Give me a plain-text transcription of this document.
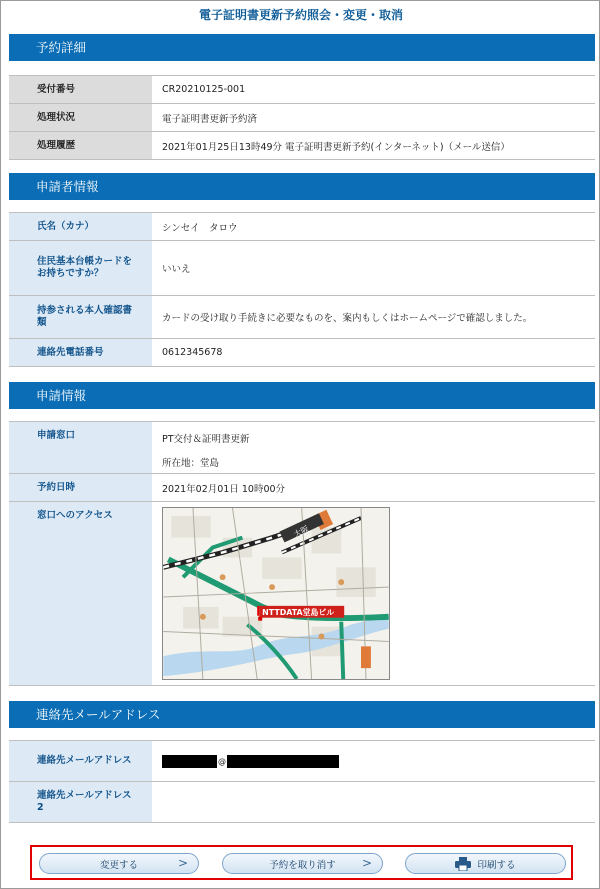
電子証明書更新予約照会・変更・取消
予約詳細
受付番号	CR20210125-001
処理状況	電子証明書更新予約済
処理履歴	2021年01月25日13時49分 電子証明書更新予約(インターネット)（メール送信）
申請者情報
氏名（カナ）	シンセイ　タロウ
住民基本台帳カードをお持ちですか？	いいえ
持参される本人確認書類	カードの受け取り手続きに必要なものを、案内もしくはホームページで確認しました。
連絡先電話番号	0612345678
申請情報
申請窓口	PT交付＆証明書更新
所在地：堂島
予約日時	2021年02月01日 10時00分
窓口へのアクセス
大阪
NTTDATA堂島ビル
連絡先メールアドレス
連絡先メールアドレス	@
連絡先メールアドレス2
変更する	>	予約を取り消す >	印刷する
